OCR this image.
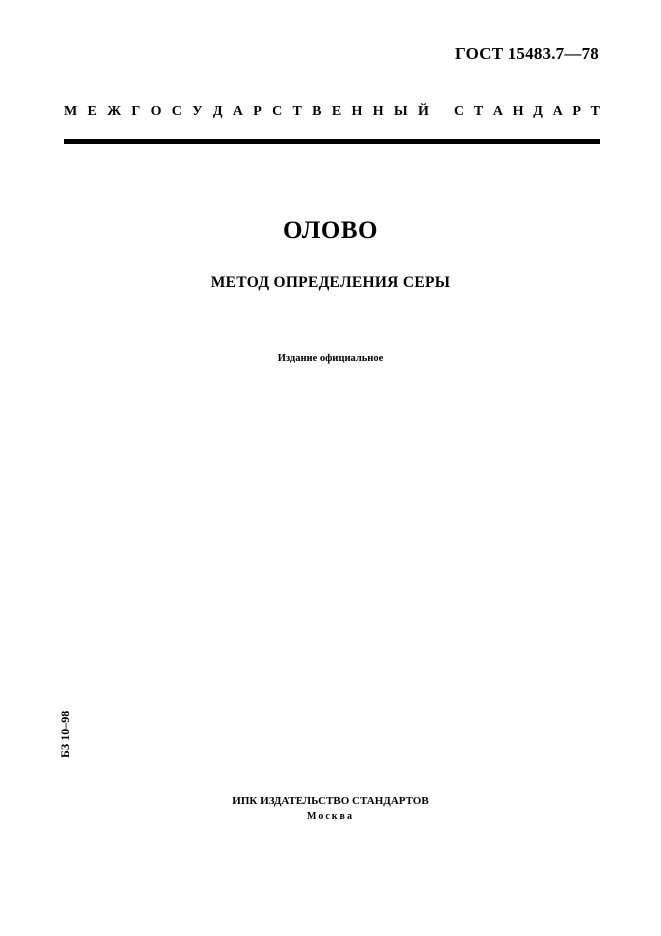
ГОСТ 15483.7—78
М Е Ж Г О С У Д А Р С Т В Е Н Н Ы Й С Т А Н Д А Р Т
ОЛОВО
МЕТОД ОПРЕДЕЛЕНИЯ СЕРЫ
Издание официальное
БЗ 10–98
ИПК ИЗДАТЕЛЬСТВО СТАНДАРТОВ
Москва
